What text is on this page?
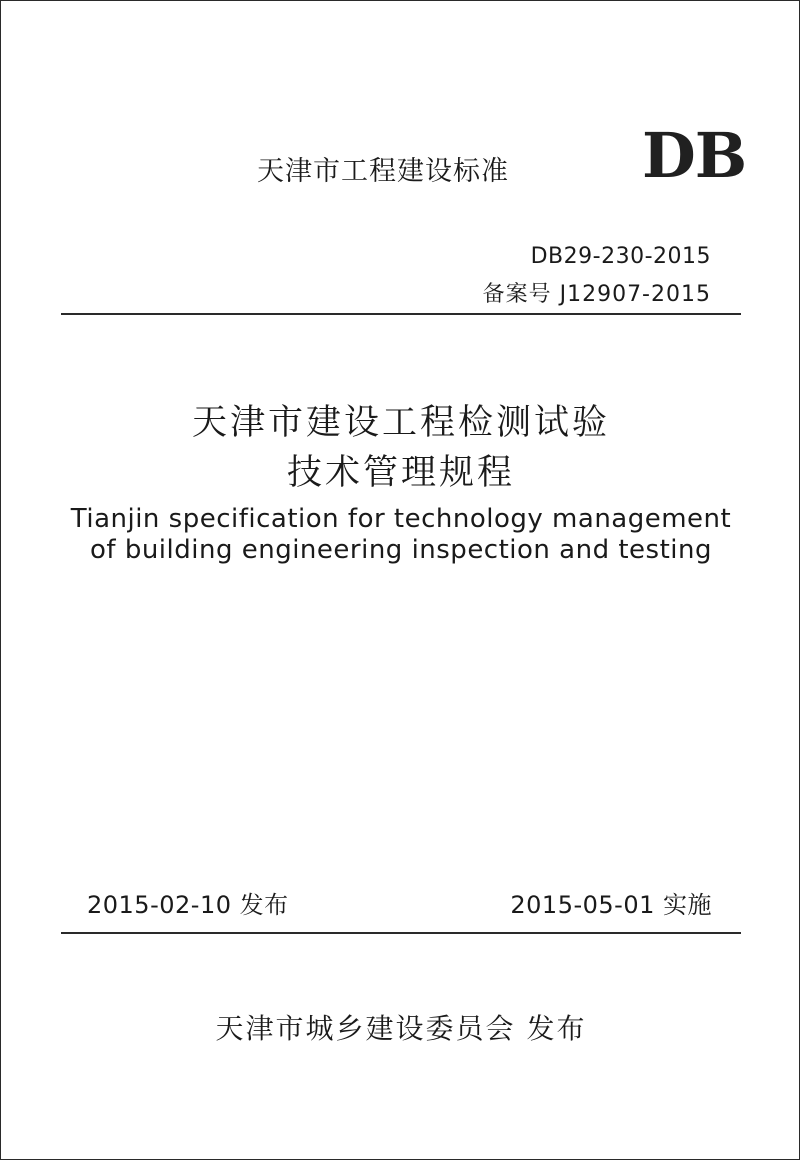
天津市工程建设标准 DB
DB29-230-2015
备案号 J12907-2015
天津市建设工程检测试验
技术管理规程
Tianjin specification for technology management
of building engineering inspection and testing
2015-02-10 发布	2015-05-01 实施
天津市城乡建设委员会 发布
